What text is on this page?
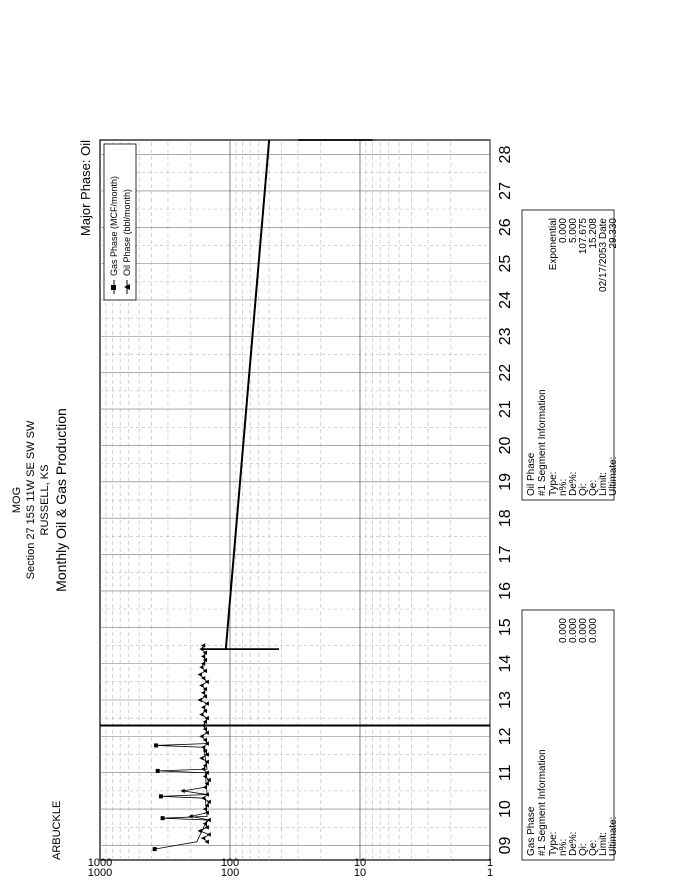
09
10
11
12
13
14
15
16
17
18
19
20
21
22
23
24
25
26
27
28
1
1
10
10
100
100
1000
1000
MOG Section 27 15S 11W SE SW SW RUSSELL, KS Monthly Oil & Gas Production
ARBUCKLE
Major Phase: Oil Gas Phase (MCF/month) Oil Phase (bbl/month)
Gas Phase #1 Segment Information Type: n%:
0.000
De%:
0.000
Qi:
0.000
Qe:
0.000
Limit: Ultimate:
Oil Phase #1 Segment Information Type:
Exponential
n%:
0.000
De%:
5.000
Qi:
107.675
Qe:
15.208
Limit:
02/17/2053 Date
Ultimate:
29.330
